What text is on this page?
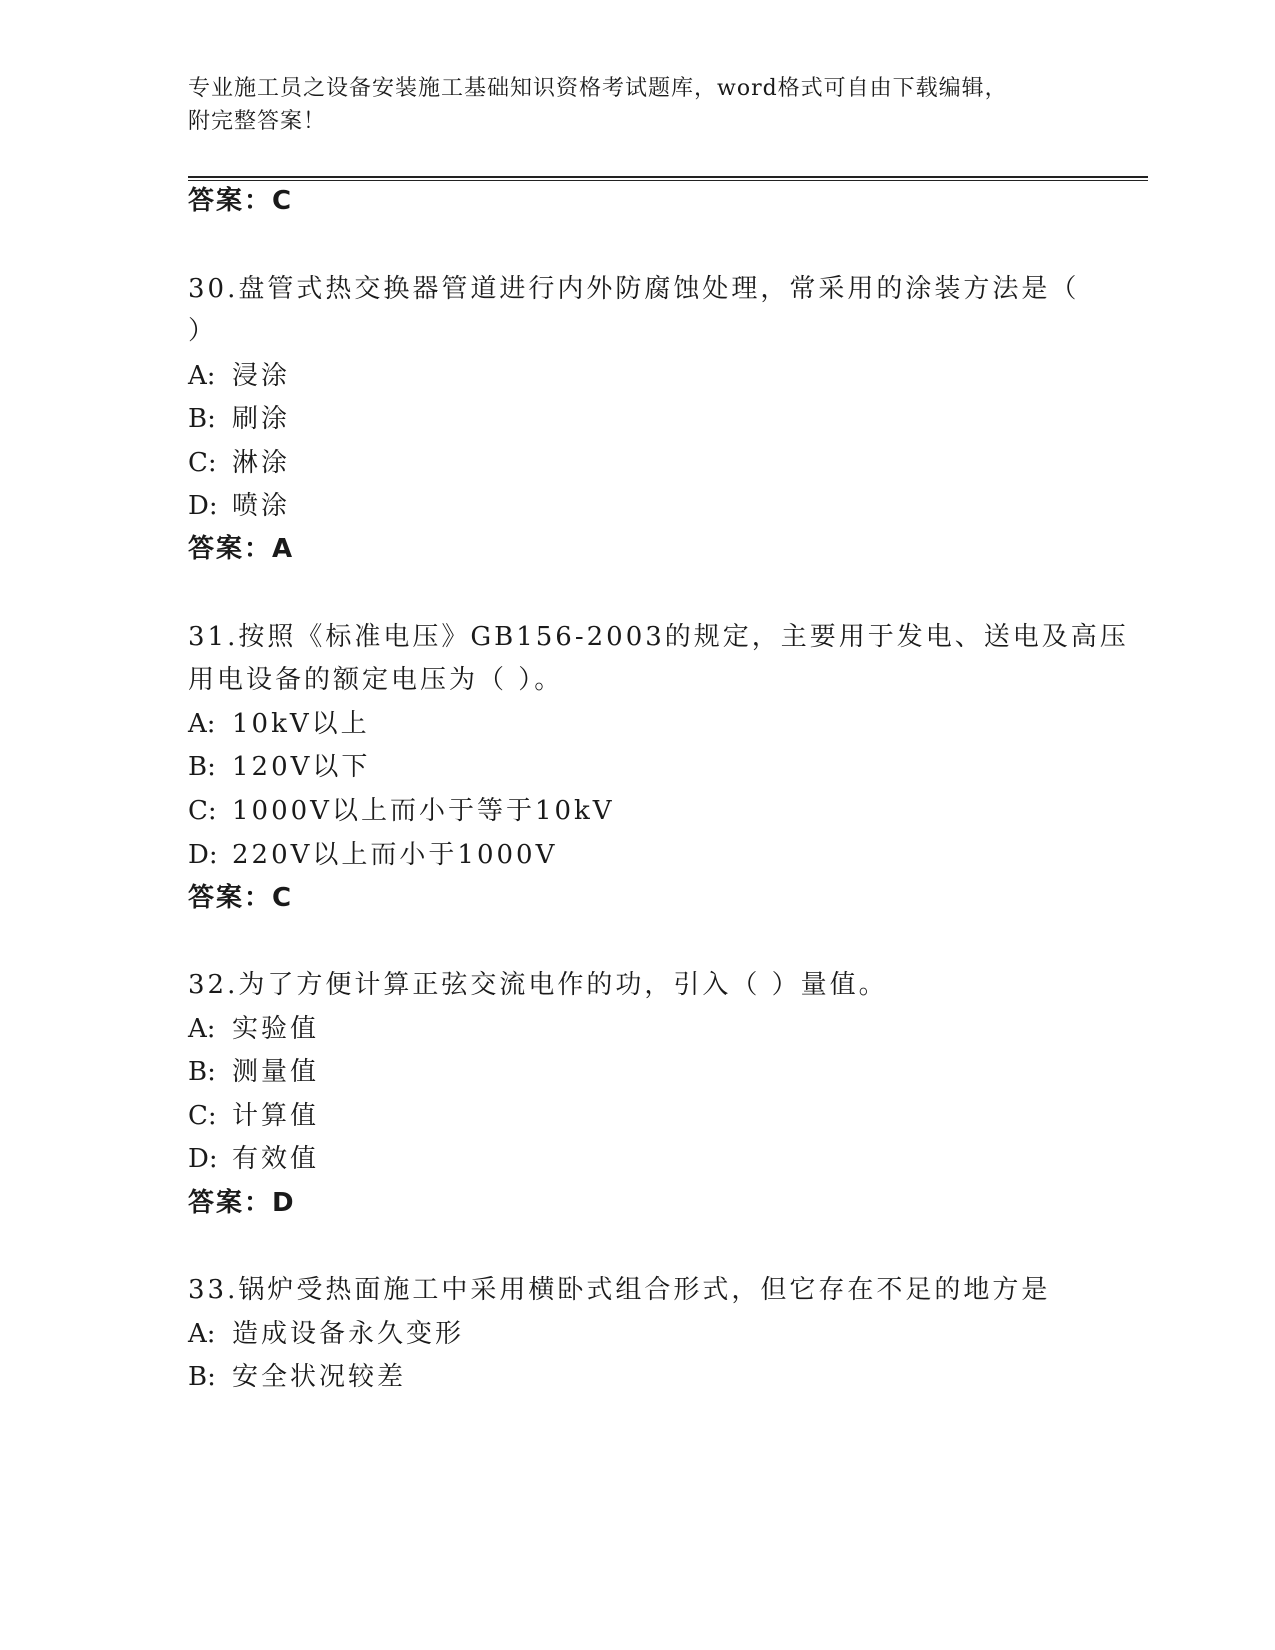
专业施工员之设备安装施工基础知识资格考试题库，word格式可自由下载编辑，
附完整答案！
答案：C
30.盘管式热交换器管道进行内外防腐蚀处理，常采用的涂装方法是（
）
A: 浸涂
B: 刷涂
C: 淋涂
D: 喷涂
答案：A
31.按照《标准电压》GB156-2003的规定，主要用于发电、送电及高压
用电设备的额定电压为（ ）。
A: 10kV以上
B: 120V以下
C: 1000V以上而小于等于10kV
D: 220V以上而小于1000V
答案：C
32.为了方便计算正弦交流电作的功，引入（ ）量值。
A: 实验值
B: 测量值
C: 计算值
D: 有效值
答案：D
33.锅炉受热面施工中采用横卧式组合形式，但它存在不足的地方是
A: 造成设备永久变形
B: 安全状况较差
